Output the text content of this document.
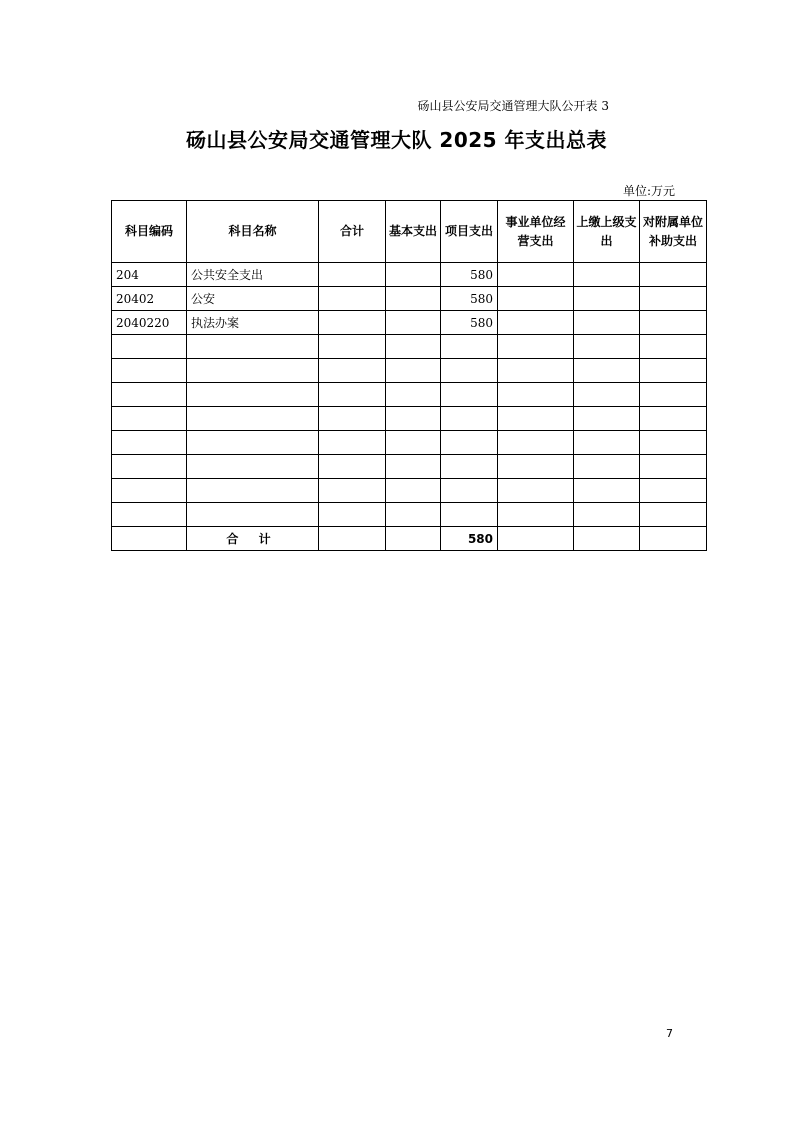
砀山县公安局交通管理大队公开表 3
砀山县公安局交通管理大队 2025 年支出总表
单位:万元
科目编码	科目名称	合计	基本支出	项目支出	事业单位经营支出	上缴上级支出	对附属单位补助支出
204	公共安全支出			580			
20402	公安			580			
2040220	执法办案			580			

	合 计			580			
7
